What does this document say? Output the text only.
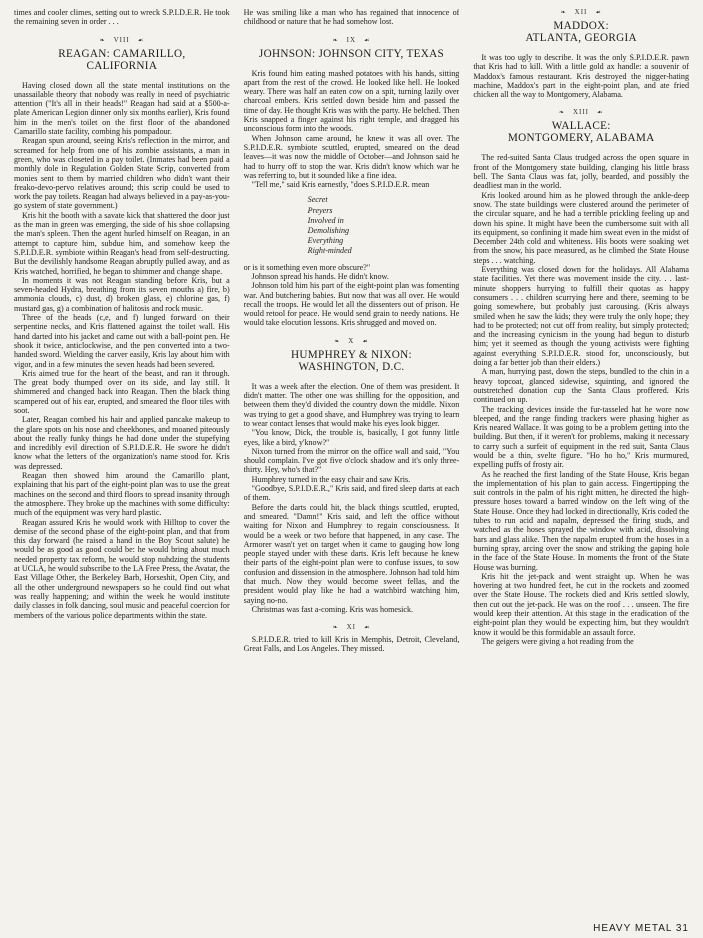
times and cooler climes, setting out to wreck S.P.I.D.E.R. He took the remaining seven in order . . .

❧   VIII   ☙
REAGAN: CAMARILLO,
CALIFORNIA

Having closed down all the state mental institutions on the unassailable theory that nobody was really in need of psychiatric attention ("It's all in their heads!" Reagan had said at a $500-a-plate American Legion dinner only six months earlier), Kris found him in the men's toilet on the first floor of the abandoned Camarillo state facility, combing his pompadour.

Reagan spun around, seeing Kris's reflection in the mirror, and screamed for help from one of his zombie assistants, a man in green, who was closeted in a pay toilet. (Inmates had been paid a monthly dole in Regulation Golden State Scrip, converted from monies sent to them by married children who didn't want their freako-devo-pervo relatives around; this scrip could be used to work the pay toilets. Reagan had always believed in a pay-as-you-go system of state government.)

Kris hit the booth with a savate kick that shattered the door just as the man in green was emerging, the side of his shoe collapsing the man's spleen. Then the agent hurled himself on Reagan, in an attempt to capture him, subdue him, and somehow keep the S.P.I.D.E.R. symbiote within Reagan's head from self-destructing. But the devilishly handsome Reagan abruptly pulled away, and as Kris watched, horrified, he began to shimmer and change shape.

In moments it was not Reagan standing before Kris, but a seven-headed Hydra, breathing from its seven mouths a) fire, b) ammonia clouds, c) dust, d) broken glass, e) chlorine gas, f) mustard gas, g) a combination of halitosis and rock music.

Three of the heads (c,e, and f) lunged forward on their serpentine necks, and Kris flattened against the toilet wall. His hand darted into his jacket and came out with a ball-point pen. He shook it twice, anticlockwise, and the pen converted into a two-handed sword. Wielding the carver easily, Kris lay about him with vigor, and in a few minutes the seven heads had been severed.

Kris aimed true for the heart of the beast, and ran it through. The great body thumped over on its side, and lay still. It shimmered and changed back into Reagan. Then the black thing scampered out of his ear, erupted, and smeared the floor tiles with soot.

Later, Reagan combed his hair and applied pancake makeup to the glare spots on his nose and cheekbones, and moaned piteously about the really funky things he had done under the stupefying and incredibly evil direction of S.P.I.D.E.R. He swore he didn't know what the letters of the organization's name stood for. Kris was depressed.

Reagan then showed him around the Camarillo plant, explaining that his part of the eight-point plan was to use the great machines on the second and third floors to spread insanity through the atmosphere. They broke up the machines with some difficulty: much of the equipment was very hard plastic.

Reagan assured Kris he would work with Hilltop to cover the demise of the second phase of the eight-point plan, and that from this day forward (he raised a hand in the Boy Scout salute) he would be as good as good could be: he would bring about much needed property tax reform, he would stop nuhdzing the students at UCLA, he would subscribe to the LA Free Press, the Avatar, the East Village Other, the Berkeley Barb, Horseshit, Open City, and all the other underground newspapers so he could find out what was really happening; and within the week he would institute daily classes in folk dancing, soul music and peaceful coercion for members of the various police departments within the state.

He was smiling like a man who has regained that innocence of childhood or nature that he had somehow lost.

❧   IX   ☙
JOHNSON: JOHNSON CITY, TEXAS

Kris found him eating mashed potatoes with his hands, sitting apart from the rest of the crowd. He looked like hell. He looked weary. There was half an eaten cow on a spit, turning lazily over charcoal embers. Kris settled down beside him and passed the time of day. He thought Kris was with the party. He belched. Then Kris snapped a finger against his right temple, and dragged his unconscious form into the woods.

When Johnson came around, he knew it was all over. The S.P.I.D.E.R. symbiote scuttled, erupted, smeared on the dead leaves—it was now the middle of October—and Johnson said he had to hurry off to stop the war. Kris didn't know which war he was referring to, but it sounded like a fine idea.

"Tell me," said Kris earnestly, "does S.P.I.D.E.R. mean

Secret
Preyers
Involved in
Demolishing
Everything
Right-minded

or is it something even more obscure?"

Johnson spread his hands. He didn't know.

Johnson told him his part of the eight-point plan was fomenting war. And butchering babies. But now that was all over. He would recall the troops. He would let all the dissenters out of prison. He would retool for peace. He would send grain to needy nations. He would take elocution lessons. Kris shrugged and moved on.

❧   X   ☙
HUMPHREY & NIXON:
WASHINGTON, D.C.

It was a week after the election. One of them was president. It didn't matter. The other one was shilling for the opposition, and between them they'd divided the country down the middle. Nixon was trying to get a good shave, and Humphrey was trying to learn to wear contact lenses that would make his eyes look bigger.

"You know, Dick, the trouble is, basically, I got funny little eyes, like a bird, y'know?"

Nixon turned from the mirror on the office wall and said, "You should complain. I've got five o'clock shadow and it's only three-thirty. Hey, who's that?"

Humphrey turned in the easy chair and saw Kris.

"Goodbye, S.P.I.D.E.R.," Kris said, and fired sleep darts at each of them.

Before the darts could hit, the black things scuttled, erupted, and smeared. "Damn!" Kris said, and left the office without waiting for Nixon and Humphrey to regain consciousness. It would be a week or two before that happened, in any case. The Armorer wasn't yet on target when it came to gauging how long people stayed under with these darts. Kris left because he knew their parts of the eight-point plan were to confuse issues, to sow confusion and dissension in the atmosphere. Johnson had told him that much. Now they would become sweet fellas, and the president would play like he had a watchbird watching him, saying no-no.

Christmas was fast a-coming. Kris was homesick.

❧   XI   ☙

S.P.I.D.E.R. tried to kill Kris in Memphis, Detroit, Cleveland, Great Falls, and Los Angeles. They missed.

❧   XII   ☙
MADDOX:
ATLANTA, GEORGIA

It was too ugly to describe. It was the only S.P.I.D.E.R. pawn that Kris had to kill. With a little gold ax handle: a souvenir of Maddox's famous restaurant. Kris destroyed the nigger-hating machine, Maddox's part in the eight-point plan, and ate fried chicken all the way to Montgomery, Alabama.

❧   XIII   ☙
WALLACE:
MONTGOMERY, ALABAMA

The red-suited Santa Claus trudged across the open square in front of the Montgomery state building, clanging his little brass bell. The Santa Claus was fat, jolly, bearded, and possibly the deadliest man in the world.

Kris looked around him as he plowed through the ankle-deep snow. The state buildings were clustered around the perimeter of the circular square, and he had a terrible prickling feeling up and down his spine. It might have been the cumbersome suit with all its equipment, so confining it made him sweat even in the midst of December 24th cold and whiteness. His boots were soaking wet from the snow, his pace measured, as he climbed the State House steps . . . watching.

Everything was closed down for the holidays. All Alabama state facilities. Yet there was movement inside the city. . . last-minute shoppers hurrying to fulfill their quotas as happy consumers . . . children scurrying here and there, seeming to be going somewhere, but probably just carousing. (Kris always smiled when he saw the kids; they were truly the only hope; they had to be protected; not cut off from reality, but simply protected; and the increasing cynicism in the young had begun to disturb him; yet it seemed as though the young activists were fighting against everything S.P.I.D.E.R. stood for, unconsciously, but doing a far better job than their elders.)

A man, hurrying past, down the steps, bundled to the chin in a heavy topcoat, glanced sidewise, squinting, and ignored the outstretched donation cup the Santa Claus proffered. Kris continued on up.

The tracking devices inside the fur-tasseled hat he wore now bleeped, and the range finding trackers were phasing higher as Kris neared Wallace. It was going to be a problem getting into the building. But then, if it weren't for problems, making it necessary to carry such a surfeit of equipment in the red suit, Santa Claus would be a thin, svelte figure. "Ho ho ho," Kris murmured, expelling puffs of frosty air.

As he reached the first landing of the State House, Kris began the implementation of his plan to gain access. Fingertipping the suit controls in the palm of his right mitten, he directed the high-pressure hoses toward a barred window on the left wing of the State House. Once they had locked in directionally, Kris coded the tubes to run acid and napalm, depressed the firing studs, and watched as the hoses sprayed the window with acid, dissolving bars and glass alike. Then the napalm erupted from the hoses in a burning spray, arcing over the snow and striking the gaping hole in the face of the State House. In moments the front of the State House was burning.

Kris hit the jet-pack and went straight up. When he was hovering at two hundred feet, he cut in the rockets and zoomed over the State House. The rockets died and Kris settled slowly, then cut out the jet-pack. He was on the roof . . . unseen. The fire would keep their attention. At this stage in the eradication of the eight-point plan they would be expecting him, but they wouldn't know it would be this formidable an assault force.

The geigers were giving a hot reading from the

HEAVY METAL 31
